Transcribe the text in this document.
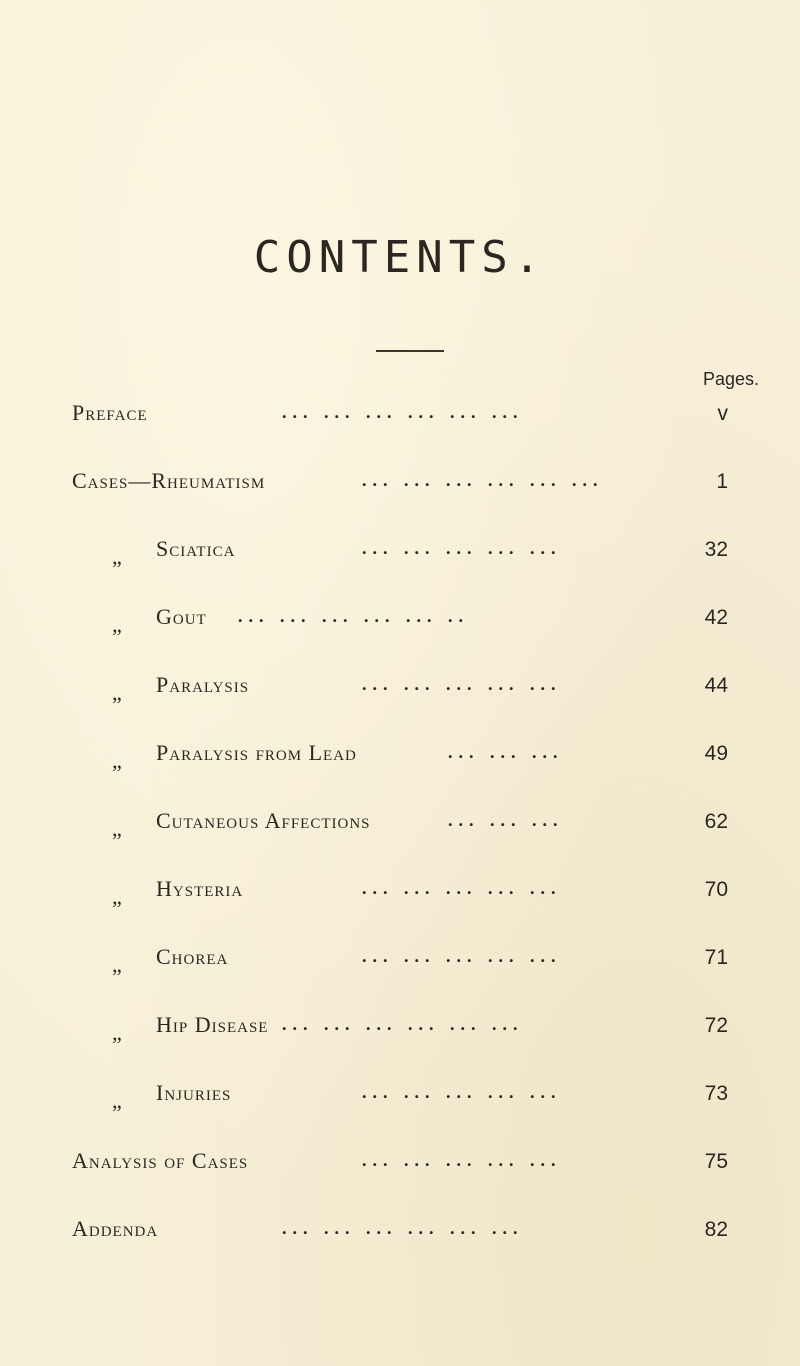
CONTENTS.
Pages.
Preface	... ... ... ... ... ...	v
Cases—Rheumatism	... ... ... ... ... ...	1
„ Sciatica	... ... ... ... ...	32
„ Gout ... ... ... ... ... ..	42
„ Paralysis	... ... ... ... ...	44
„ Paralysis from Lead	... ... ...	49
„ Cutaneous Affections	... ... ...	62
„ Hysteria	... ... ... ... ...	70
„ Chorea	... ... ... ... ...	71
„ Hip Disease ... ... ... ... ... ...	72
„ Injuries	... ... ... ... ...	73
Analysis of Cases	... ... ... ... ...	75
Addenda	... ... ... ... ... ...	82
